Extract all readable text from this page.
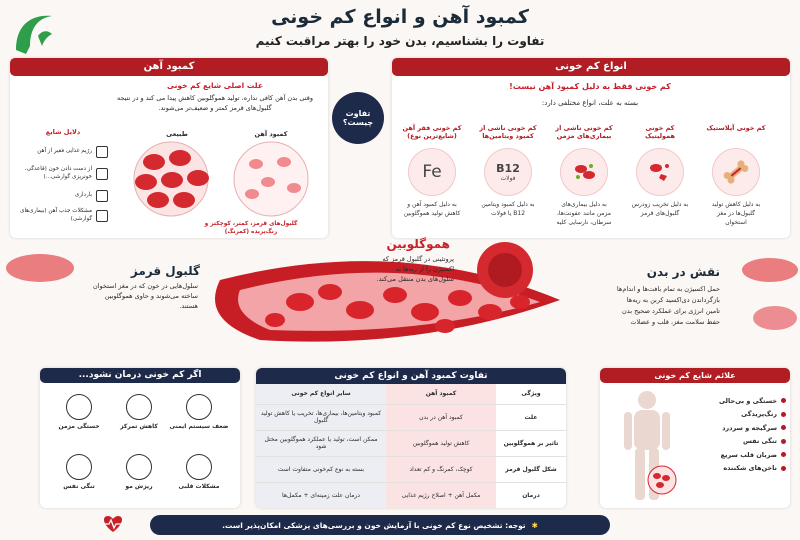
کمبود آهن و انواع کم خونی
تفاوت را بشناسیم، بدن خود را بهتر مراقبت کنیم
کمبود آهن
علت اصلی شایع کم خونی
وقتی بدن آهن کافی نداره، تولید هموگلوبین کاهش پیدا می کند و در نتیجه گلبول‌های قرمز کمتر و ضعیف‌تر می‌شوند.
دلایل شایع
رژیم غذایی فقیر از آهن
از دست دادن خون (قاعدگی، خونریزی گوارشی...)
بارداری
مشکلات جذب آهن (بیماری‌های گوارشی)
طبیعی	کمبود آهن
گلبول‌های قرمز، کمتر، کوچکتر و رنگ‌پریده (کمرنگ)
تفاوت چیست؟
انواع کم خونی
کم خونی فقط به دلیل کمبود آهن نیست!
بسته به علت، انواع مختلفی دارد:
کم خونی فقر آهن (شایع‌ترین نوع)
Fe
به دلیل کمبود آهن و کاهش تولید هموگلوبین
کم خونی ناشی از کمبود ویتامین‌ها
B12
فولات
به دلیل کمبود ویتامین B12 یا فولات
کم خونی ناشی از بیماری‌های مزمن
به دلیل بیماری‌های مزمن مانند عفونت‌ها، سرطان، نارسایی کلیه
کم خونی همولیتیک
به دلیل تخریب زودرس گلبول‌های قرمز
کم خونی آپلاستیک
به دلیل کاهش تولید گلبول‌ها در مغز استخوان
هموگلوبین
پروتئینی در گلبول قرمز که اکسیژن را از ریه‌ها به سلول‌های بدن منتقل می‌کند.
گلبول قرمز
سلول‌هایی در خون که در مغز استخوان ساخته می‌شوند و حاوی هموگلوبین هستند.
نقش در بدن
حمل اکسیژن به تمام بافت‌ها و اندام‌ها
بازگرداندن دی‌اکسید کربن به ریه‌ها
تامین انرژی برای عملکرد صحیح بدن
حفظ سلامت مغز، قلب و عضلات
اگر کم خونی درمان نشود...
ضعف سیستم ایمنی
کاهش تمرکز
خستگی مزمن
مشکلات قلبی
ریزش مو
تنگی نفس
تفاوت کمبود آهن و انواع کم خونی
ویژگی	کمبود آهن	سایر انواع کم خونی
علت	کمبود آهن در بدن	کمبود ویتامین‌ها، بیماری‌ها، تخریب یا کاهش تولید گلبول
تاثیر بر هموگلوبین	کاهش تولید هموگلوبین	ممکن است، تولید یا عملکرد هموگلوبین مختل شود
شکل گلبول قرمز	کوچک، کمرنگ و کم تعداد	بسته به نوع کم‌خونی متفاوت است
درمان	مکمل آهن + اصلاح رژیم غذایی	درمان علت زمینه‌ای + مکمل‌ها
علائم شایع کم خونی
خستگی و بی‌حالی
رنگ‌پریدگی
سرگیجه و سردرد
تنگی نفس
ضربان قلب سریع
ناخن‌های شکننده
✱
توجه: تشخیص نوع کم خونی با آزمایش خون و بررسی‌های پزشکی امکان‌پذیر است.
